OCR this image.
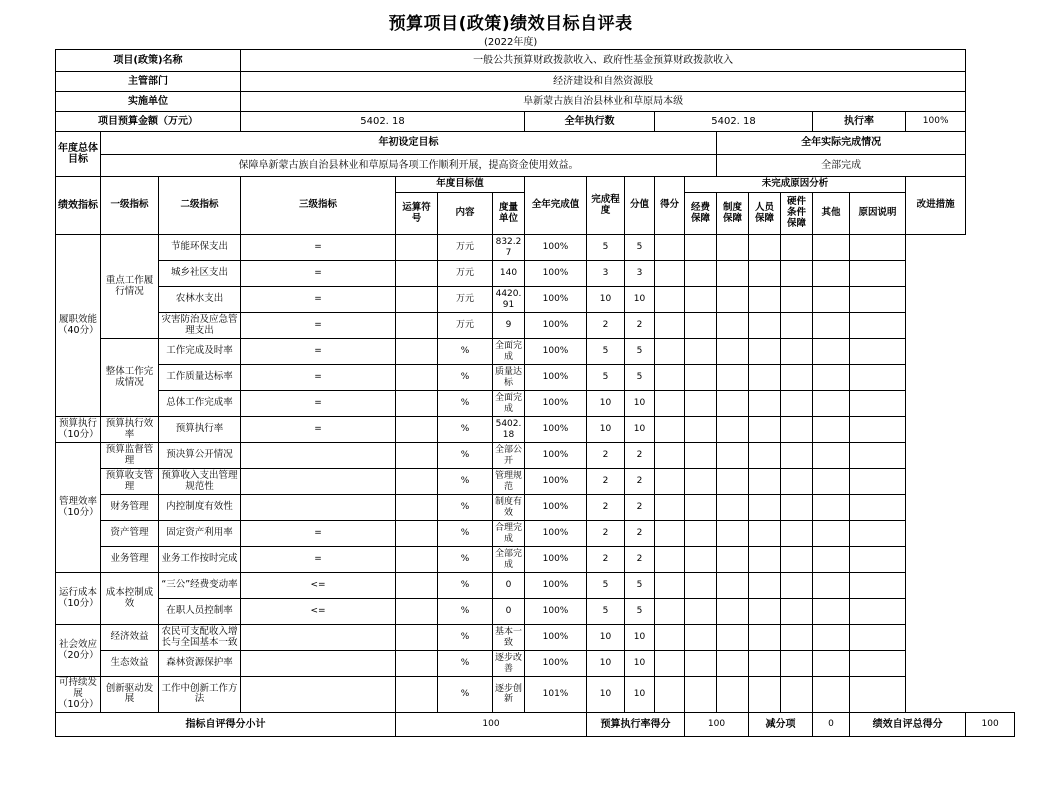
预算项目(政策)绩效目标自评表																		
(2022年度)																		
项目(政策)名称			一般公共预算财政拨款收入、政府性基金预算财政拨款收入															
主管部门			经济建设和自然资源股															
实施单位			阜新蒙古族自治县林业和草原局本级															
项目预算金额（万元）			5402. 18				全年执行数			5402. 18					执行率		100%	
年度总体目标	年初设定目标											全年实际完成情况						
	保障阜新蒙古族自治县林业和草原局各项工作顺利开展，提高资金使用效益。											全部完成						
绩效指标	一级指标	二级指标	三级指标	年度目标值			全年完成值	完成程度	分值	得分	未完成原因分析						改进措施	
				运算符号	内容	度量单位					经费保障	制度保障	人员保障	硬件条件保障	其他	原因说明		
履职效能
（40分）	重点工作履行情况	节能环保支出	=		万元	832.27	100%	5	5									
		城乡社区支出	=		万元	140	100%	3	3									
		农林水支出	=		万元	4420.91	100%	10	10									
		灾害防治及应急管理支出	=		万元	9	100%	2	2									
	整体工作完成情况	工作完成及时率	=		%	全面完成	100%	5	5									
		工作质量达标率	=		%	质量达标	100%	5	5									
		总体工作完成率	=		%	全面完成	100%	10	10									
预算执行
（10分）	预算执行效率	预算执行率	=		%	5402. 18	100%	10	10									
管理效率
（10分）	预算监督管理	预决算公开情况			%	全部公开	100%	2	2									
	预算收支管理	预算收入支出管理规范性			%	管理规范	100%	2	2									
	财务管理	内控制度有效性			%	制度有效	100%	2	2									
	资产管理	固定资产利用率	=		%	合理完成	100%	2	2									
	业务管理	业务工作按时完成	=		%	全部完成	100%	2	2									
运行成本
（10分）	成本控制成效	“三公”经费变动率	<=		%	0	100%	5	5									
		在职人员控制率	<=		%	0	100%	5	5									
社会效应
（20分）	经济效益	农民可支配收入增长与全国基本一致			%	基本一致	100%	10	10									
	生态效益	森林资源保护率			%	逐步改善	100%	10	10									
可持续发展
（10分）	创新驱动发展	工作中创新工作方法			%	逐步创新	101%	10	10									
指标自评得分小计				100				预算执行率得分			100		减分项		0	绩效自评总得分		100
